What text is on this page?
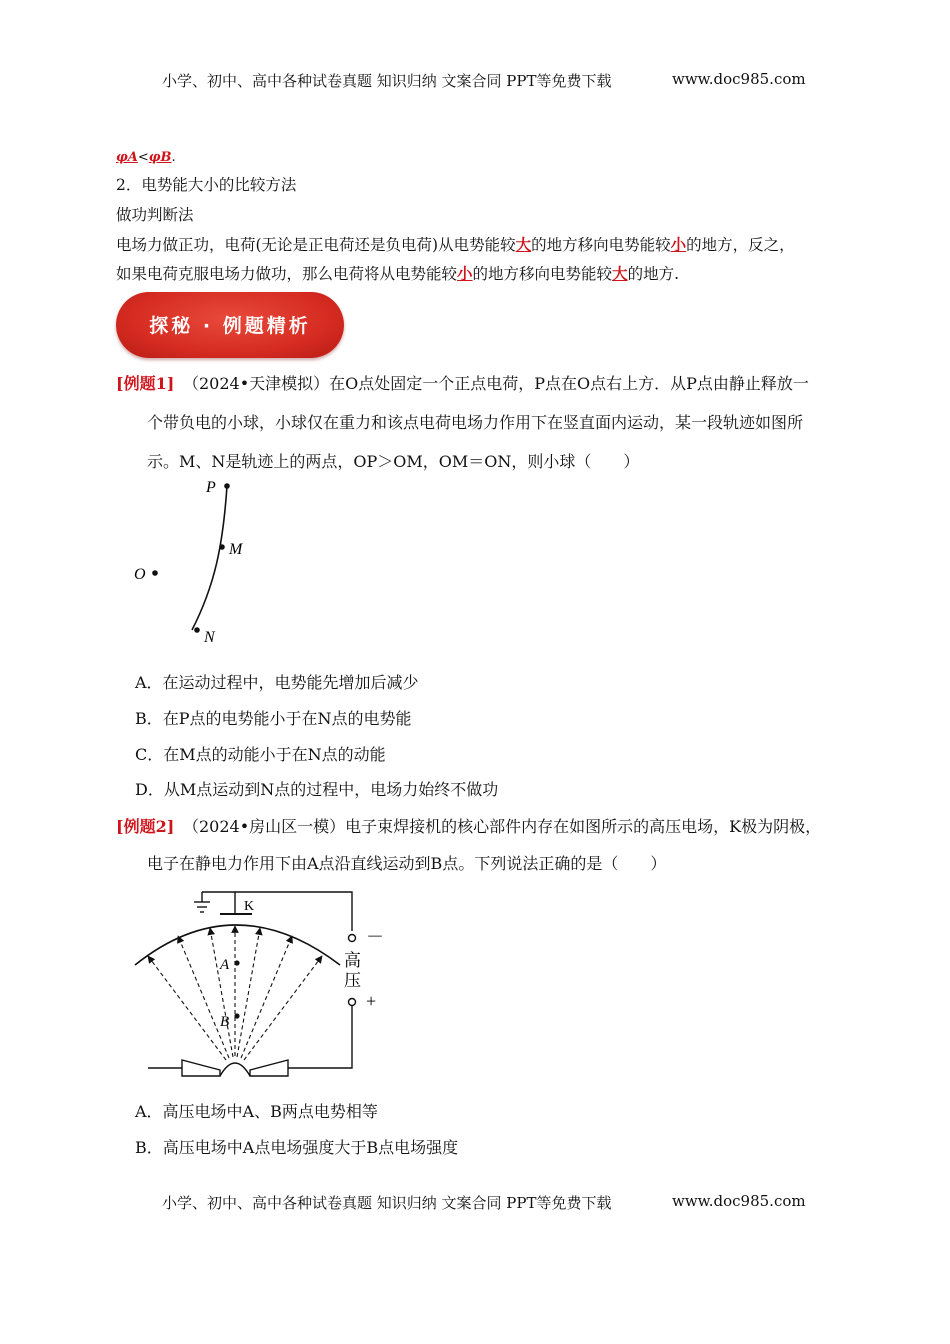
小学、初中、高中各种试卷真题 知识归纳 文案合同 PPT等免费下载	www.doc985.com
φA<φB.
2．电势能大小的比较方法
做功判断法
电场力做正功，电荷(无论是正电荷还是负电荷)从电势能较大的地方移向电势能较小的地方，反之，
如果电荷克服电场力做功，那么电荷将从电势能较小的地方移向电势能较大的地方.
探秘 · 例题精析
[例题1] （2024•天津模拟）在O点处固定一个正点电荷，P点在O点右上方．从P点由静止释放一
个带负电的小球，小球仅在重力和该点电荷电场力作用下在竖直面内运动，某一段轨迹如图所
示。M、N是轨迹上的两点，OP＞OM，OM＝ON，则小球（　　）
P
M
O
N
A．在运动过程中，电势能先增加后减少
B．在P点的电势能小于在N点的电势能
C．在M点的动能小于在N点的动能
D．从M点运动到N点的过程中，电场力始终不做功
[例题2] （2024•房山区一模）电子束焊接机的核心部件内存在如图所示的高压电场，K极为阴极，
电子在静电力作用下由A点沿直线运动到B点。下列说法正确的是（　　）
K
－
高
压
+
A
B
A．高压电场中A、B两点电势相等
B．高压电场中A点电场强度大于B点电场强度
小学、初中、高中各种试卷真题 知识归纳 文案合同 PPT等免费下载	www.doc985.com
